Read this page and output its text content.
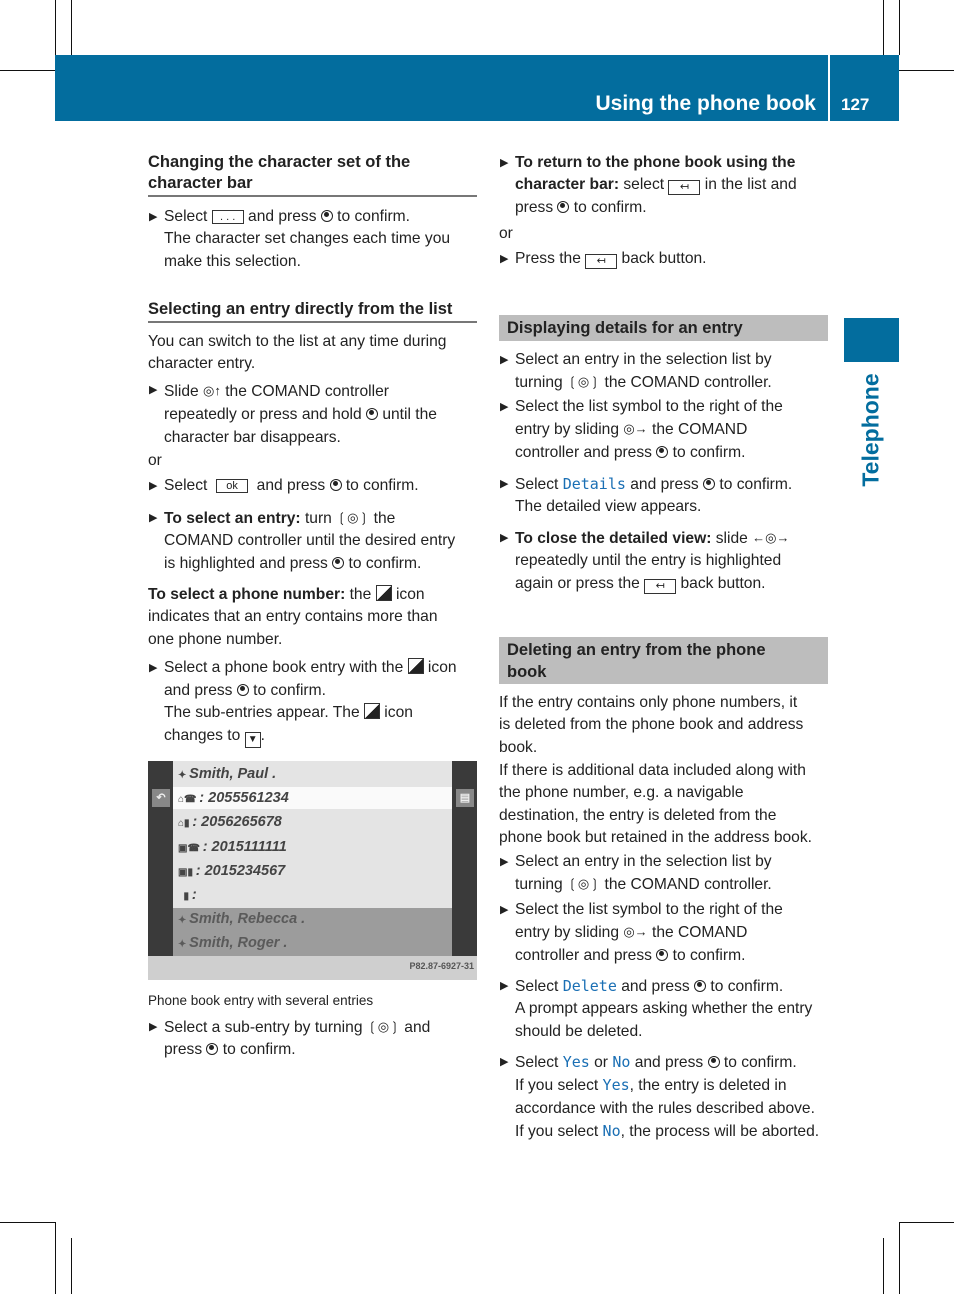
Using the phone book 127
Telephone
Changing the character set of the
character bar
▶ Select . . . and press  to confirm.
The character set changes each time you
make this selection.
Selecting an entry directly from the list
You can switch to the list at any time during
character entry.
▶ Slide ◎↑ the COMAND controller
repeatedly or press and hold  until the
character bar disappears.
or
▶ Select  ok  and press  to confirm.
▶ To select an entry: turn ❲◎❳ the
COMAND controller until the desired entry
is highlighted and press  to confirm.
To select a phone number: the  icon
indicates that an entry contains more than
one phone number.
▶ Select a phone book entry with the  icon
and press  to confirm.
The sub-entries appear. The  icon
changes to ▼ .
Phone book entry with several entries
▶ Select a sub-entry by turning ❲◎❳ and
press  to confirm.
↶	▤
✦ Smith, Paul .
⌂☎ : 2055561234
⌂▮ : 2056265678
▣☎ : 2015111111
▣▮ : 2015234567
▮ :
✦ Smith, Rebecca .
✦ Smith, Roger .
P82.87-6927-31
▶ To return to the phone book using the
character bar: select ↤ in the list and
press  to confirm.
or
▶ Press the ↤ back button.
Displaying details for an entry
▶ Select an entry in the selection list by
turning ❲◎❳ the COMAND controller.
▶ Select the list symbol to the right of the
entry by sliding ◎→ the COMAND
controller and press  to confirm.
▶ Select Details and press  to confirm.
The detailed view appears.
▶ To close the detailed view: slide ←◎→
repeatedly until the entry is highlighted
again or press the ↤ back button.
Deleting an entry from the phone
book
If the entry contains only phone numbers, it
is deleted from the phone book and address
book.
If there is additional data included along with
the phone number, e.g. a navigable
destination, the entry is deleted from the
phone book but retained in the address book.
▶ Select an entry in the selection list by
turning ❲◎❳ the COMAND controller.
▶ Select the list symbol to the right of the
entry by sliding ◎→ the COMAND
controller and press  to confirm.
▶ Select Delete and press  to confirm.
A prompt appears asking whether the entry
should be deleted.
▶ Select Yes or No and press  to confirm.
If you select Yes, the entry is deleted in
accordance with the rules described above.
If you select No, the process will be aborted.
